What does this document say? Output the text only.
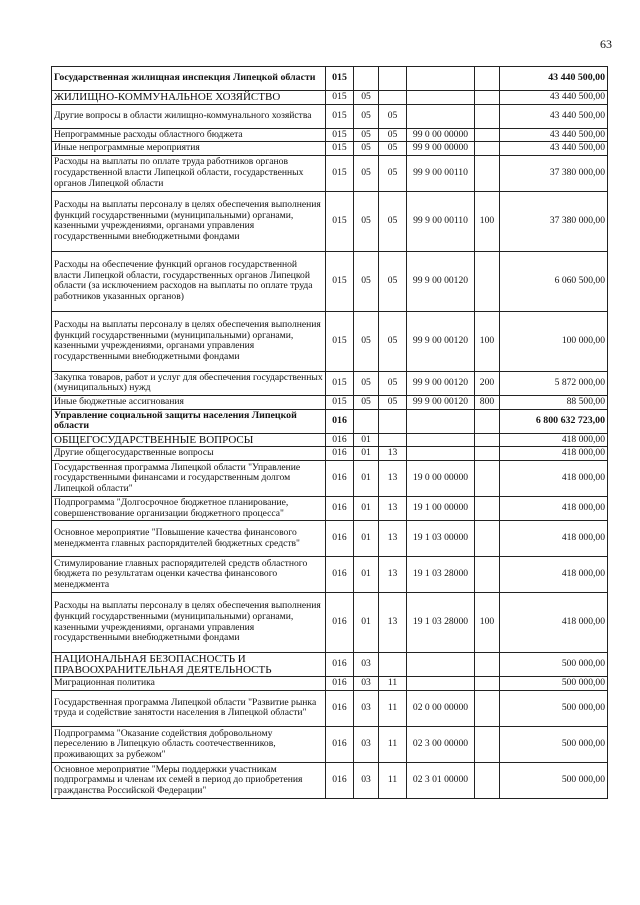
63
Государственная жилищная инспекция Липецкой области	015					43 440 500,00
ЖИЛИЩНО-КОММУНАЛЬНОЕ ХОЗЯЙСТВО	015	05				43 440 500,00
Другие вопросы в области жилищно-коммунального хозяйства	015	05	05			43 440 500,00
Непрограммные расходы областного бюджета	015	05	05	99 0 00 00000		43 440 500,00
Иные непрограммные мероприятия	015	05	05	99 9 00 00000		43 440 500,00
Расходы на выплаты по оплате труда работников органов государственной власти Липецкой области, государственных органов Липецкой области	015	05	05	99 9 00 00110		37 380 000,00
Расходы на выплаты персоналу в целях обеспечения выполнения функций государственными (муниципальными) органами, казенными учреждениями, органами управления государственными внебюджетными фондами	015	05	05	99 9 00 00110	100	37 380 000,00
Расходы на обеспечение функций органов государственной власти Липецкой области, государственных органов Липецкой области (за исключением расходов на выплаты по оплате труда работников указанных органов)	015	05	05	99 9 00 00120		6 060 500,00
Расходы на выплаты персоналу в целях обеспечения выполнения функций государственными (муниципальными) органами, казенными учреждениями, органами управления государственными внебюджетными фондами	015	05	05	99 9 00 00120	100	100 000,00
Закупка товаров, работ и услуг для обеспечения государственных (муниципальных) нужд	015	05	05	99 9 00 00120	200	5 872 000,00
Иные бюджетные ассигнования	015	05	05	99 9 00 00120	800	88 500,00
Управление социальной защиты населения Липецкой области	016					6 800 632 723,00
ОБЩЕГОСУДАРСТВЕННЫЕ ВОПРОСЫ	016	01				418 000,00
Другие общегосударственные вопросы	016	01	13			418 000,00
Государственная программа Липецкой области "Управление государственными финансами и государственным долгом Липецкой области"	016	01	13	19 0 00 00000		418 000,00
Подпрограмма "Долгосрочное бюджетное планирование, совершенствование организации бюджетного процесса"	016	01	13	19 1 00 00000		418 000,00
Основное мероприятие "Повышение качества финансового менеджмента главных распорядителей бюджетных средств"	016	01	13	19 1 03 00000		418 000,00
Стимулирование главных распорядителей средств областного бюджета по результатам оценки качества финансового менеджмента	016	01	13	19 1 03 28000		418 000,00
Расходы на выплаты персоналу в целях обеспечения выполнения функций государственными (муниципальными) органами, казенными учреждениями, органами управления государственными внебюджетными фондами	016	01	13	19 1 03 28000	100	418 000,00
НАЦИОНАЛЬНАЯ БЕЗОПАСНОСТЬ И ПРАВООХРАНИТЕЛЬНАЯ ДЕЯТЕЛЬНОСТЬ	016	03				500 000,00
Миграционная политика	016	03	11			500 000,00
Государственная программа Липецкой области "Развитие рынка труда и содействие занятости населения в Липецкой области"	016	03	11	02 0 00 00000		500 000,00
Подпрограмма "Оказание содействия добровольному переселению в Липецкую область соотечественников, проживающих за рубежом"	016	03	11	02 3 00 00000		500 000,00
Основное мероприятие "Меры поддержки участникам подпрограммы и членам их семей в период до приобретения гражданства Российской Федерации"	016	03	11	02 3 01 00000		500 000,00
